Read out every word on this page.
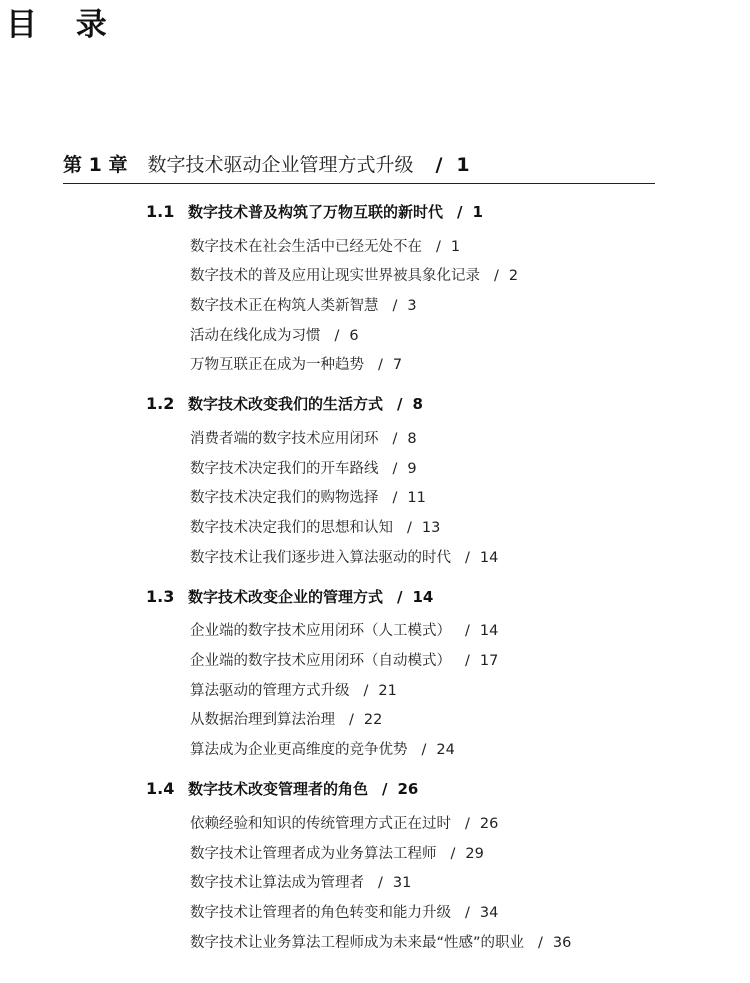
目 录
第 1 章 数字技术驱动企业管理方式升级	/ 1
1.1 数字技术普及构筑了万物互联的新时代 / 1
数字技术在社会生活中已经无处不在 / 1
数字技术的普及应用让现实世界被具象化记录 / 2
数字技术正在构筑人类新智慧 / 3
活动在线化成为习惯 / 6
万物互联正在成为一种趋势 / 7
1.2 数字技术改变我们的生活方式 / 8
消费者端的数字技术应用闭环 / 8
数字技术决定我们的开车路线 / 9
数字技术决定我们的购物选择 / 11
数字技术决定我们的思想和认知 / 13
数字技术让我们逐步进入算法驱动的时代 / 14
1.3 数字技术改变企业的管理方式 / 14
企业端的数字技术应用闭环（人工模式） / 14
企业端的数字技术应用闭环（自动模式） / 17
算法驱动的管理方式升级 / 21
从数据治理到算法治理 / 22
算法成为企业更高维度的竞争优势 / 24
1.4 数字技术改变管理者的角色 / 26
依赖经验和知识的传统管理方式正在过时 / 26
数字技术让管理者成为业务算法工程师 / 29
数字技术让算法成为管理者 / 31
数字技术让管理者的角色转变和能力升级 / 34
数字技术让业务算法工程师成为未来最“性感”的职业 / 36
